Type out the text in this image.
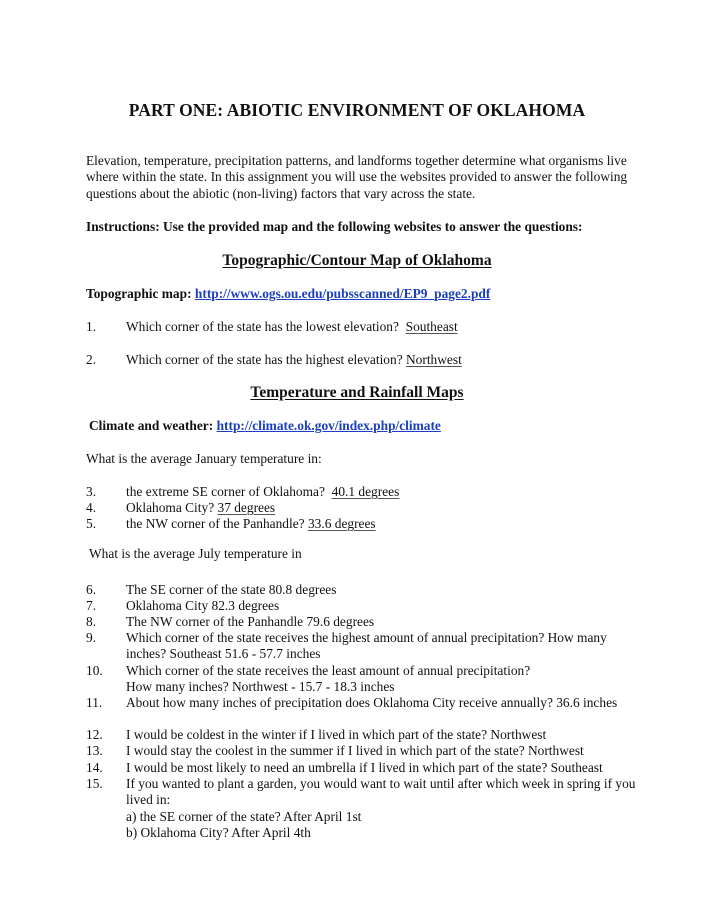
PART ONE: ABIOTIC ENVIRONMENT OF OKLAHOMA
Elevation, temperature, precipitation patterns, and landforms together determine what organisms live where within the state. In this assignment you will use the websites provided to answer the following questions about the abiotic (non-living) factors that vary across the state.
Instructions: Use the provided map and the following websites to answer the questions:
Topographic/Contour Map of Oklahoma
Topographic map: http://www.ogs.ou.edu/pubsscanned/EP9_page2.pdf
1. Which corner of the state has the lowest elevation? Southeast
2. Which corner of the state has the highest elevation? Northwest
Temperature and Rainfall Maps
Climate and weather: http://climate.ok.gov/index.php/climate
What is the average January temperature in:
3. the extreme SE corner of Oklahoma? 40.1 degrees
4. Oklahoma City? 37 degrees
5. the NW corner of the Panhandle? 33.6 degrees
What is the average July temperature in
6. The SE corner of the state 80.8 degrees
7. Oklahoma City 82.3 degrees
8. The NW corner of the Panhandle 79.6 degrees
9. Which corner of the state receives the highest amount of annual precipitation? How many inches? Southeast 51.6 - 57.7 inches
10. Which corner of the state receives the least amount of annual precipitation?
How many inches? Northwest - 15.7 - 18.3 inches
11. About how many inches of precipitation does Oklahoma City receive annually? 36.6 inches
12. I would be coldest in the winter if I lived in which part of the state? Northwest
13. I would stay the coolest in the summer if I lived in which part of the state? Northwest
14. I would be most likely to need an umbrella if I lived in which part of the state? Southeast
15. If you wanted to plant a garden, you would want to wait until after which week in spring if you lived in:
a) the SE corner of the state? After April 1st
b) Oklahoma City? After April 4th
